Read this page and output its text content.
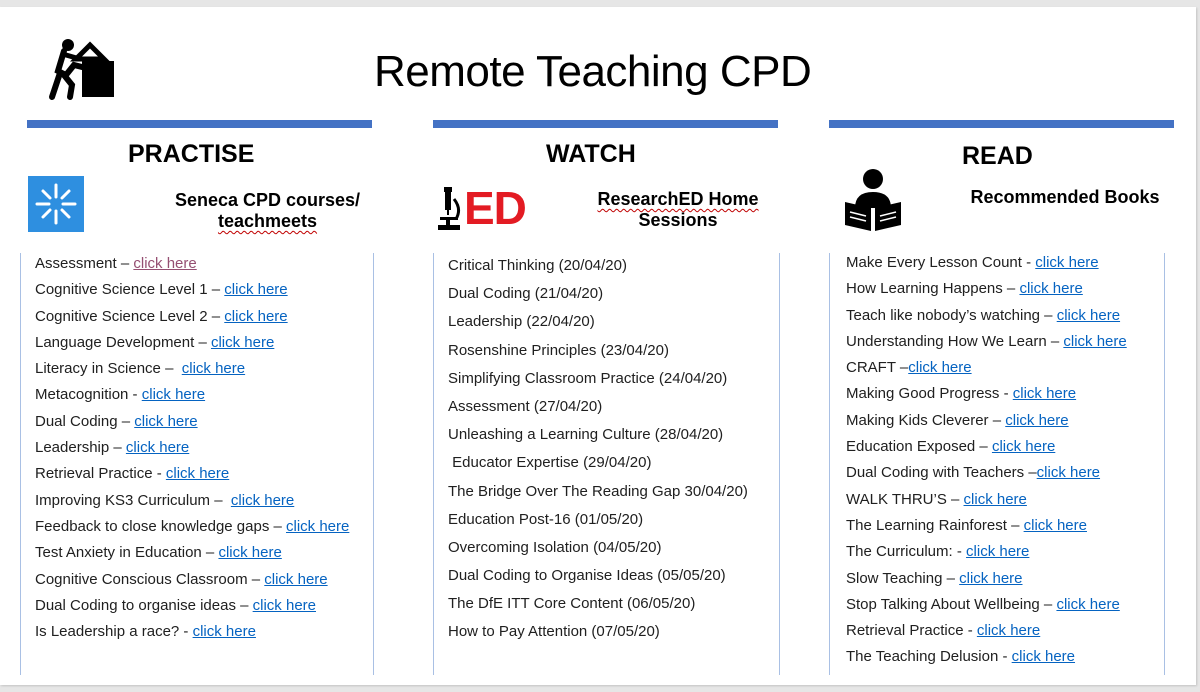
Remote Teaching CPD
PRACTISE	WATCH	READ
Seneca CPD courses/
teachmeets	ED	ResearchED Home
Sessions
Recommended Books
Assessment – click here
Cognitive Science Level 1 – click here
Cognitive Science Level 2 – click here
Language Development – click here
Literacy in Science –  click here
Metacognition - click here
Dual Coding – click here
Leadership – click here
Retrieval Practice - click here
Improving KS3 Curriculum –  click here
Feedback to close knowledge gaps – click here
Test Anxiety in Education – click here
Cognitive Conscious Classroom – click here
Dual Coding to organise ideas – click here
Is Leadership a race? - click here
Critical Thinking (20/04/20)
Dual Coding (21/04/20)
Leadership (22/04/20)
Rosenshine Principles (23/04/20)
Simplifying Classroom Practice (24/04/20)
Assessment (27/04/20)
Unleashing a Learning Culture (28/04/20)
Educator Expertise (29/04/20)
The Bridge Over The Reading Gap 30/04/20)
Education Post-16 (01/05/20)
Overcoming Isolation (04/05/20)
Dual Coding to Organise Ideas (05/05/20)
The DfE ITT Core Content (06/05/20)
How to Pay Attention (07/05/20)
Make Every Lesson Count - click here
How Learning Happens – click here
Teach like nobody’s watching – click here
Understanding How We Learn – click here
CRAFT –click here
Making Good Progress - click here
Making Kids Cleverer – click here
Education Exposed – click here
Dual Coding with Teachers –click here
WALK THRU’S – click here
The Learning Rainforest – click here
The Curriculum: - click here
Slow Teaching – click here
Stop Talking About Wellbeing – click here
Retrieval Practice - click here
The Teaching Delusion - click here
